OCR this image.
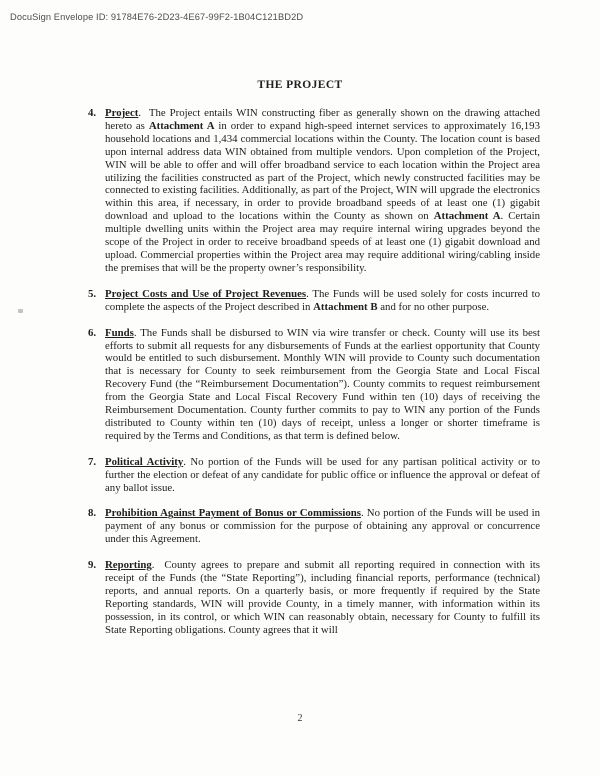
DocuSign Envelope ID: 91784E76-2D23-4E67-99F2-1B04C121BD2D
THE PROJECT
4. Project.  The Project entails WIN constructing fiber as generally shown on the drawing attached hereto as Attachment A in order to expand high-speed internet services to approximately 16,193 household locations and 1,434 commercial locations within the County. The location count is based upon internal address data WIN obtained from multiple vendors. Upon completion of the Project, WIN will be able to offer and will offer broadband service to each location within the Project area utilizing the facilities constructed as part of the Project, which newly constructed facilities may be connected to existing facilities. Additionally, as part of the Project, WIN will upgrade the electronics within this area, if necessary, in order to provide broadband speeds of at least one (1) gigabit download and upload to the locations within the County as shown on Attachment A. Certain multiple dwelling units within the Project area may require internal wiring upgrades beyond the scope of the Project in order to receive broadband speeds of at least one (1) gigabit download and upload. Commercial properties within the Project area may require additional wiring/cabling inside the premises that will be the property owner’s responsibility.

5. Project Costs and Use of Project Revenues. The Funds will be used solely for costs incurred to complete the aspects of the Project described in Attachment B and for no other purpose.

6. Funds. The Funds shall be disbursed to WIN via wire transfer or check. County will use its best efforts to submit all requests for any disbursements of Funds at the earliest opportunity that County would be entitled to such disbursement. Monthly WIN will provide to County such documentation that is necessary for County to seek reimbursement from the Georgia State and Local Fiscal Recovery Fund (the “Reimbursement Documentation”). County commits to request reimbursement from the Georgia State and Local Fiscal Recovery Fund within ten (10) days of receiving the Reimbursement Documentation. County further commits to pay to WIN any portion of the Funds distributed to County within ten (10) days of receipt, unless a longer or shorter timeframe is required by the Terms and Conditions, as that term is defined below.

7. Political Activity. No portion of the Funds will be used for any partisan political activity or to further the election or defeat of any candidate for public office or influence the approval or defeat of any ballot issue.

8. Prohibition Against Payment of Bonus or Commissions. No portion of the Funds will be used in payment of any bonus or commission for the purpose of obtaining any approval or concurrence under this Agreement.

9. Reporting.  County agrees to prepare and submit all reporting required in connection with its receipt of the Funds (the “State Reporting”), including financial reports, performance (technical) reports, and annual reports. On a quarterly basis, or more frequently if required by the State Reporting standards, WIN will provide County, in a timely manner, with information within its possession, in its control, or which WIN can reasonably obtain, necessary for County to fulfill its State Reporting obligations. County agrees that it will

2
